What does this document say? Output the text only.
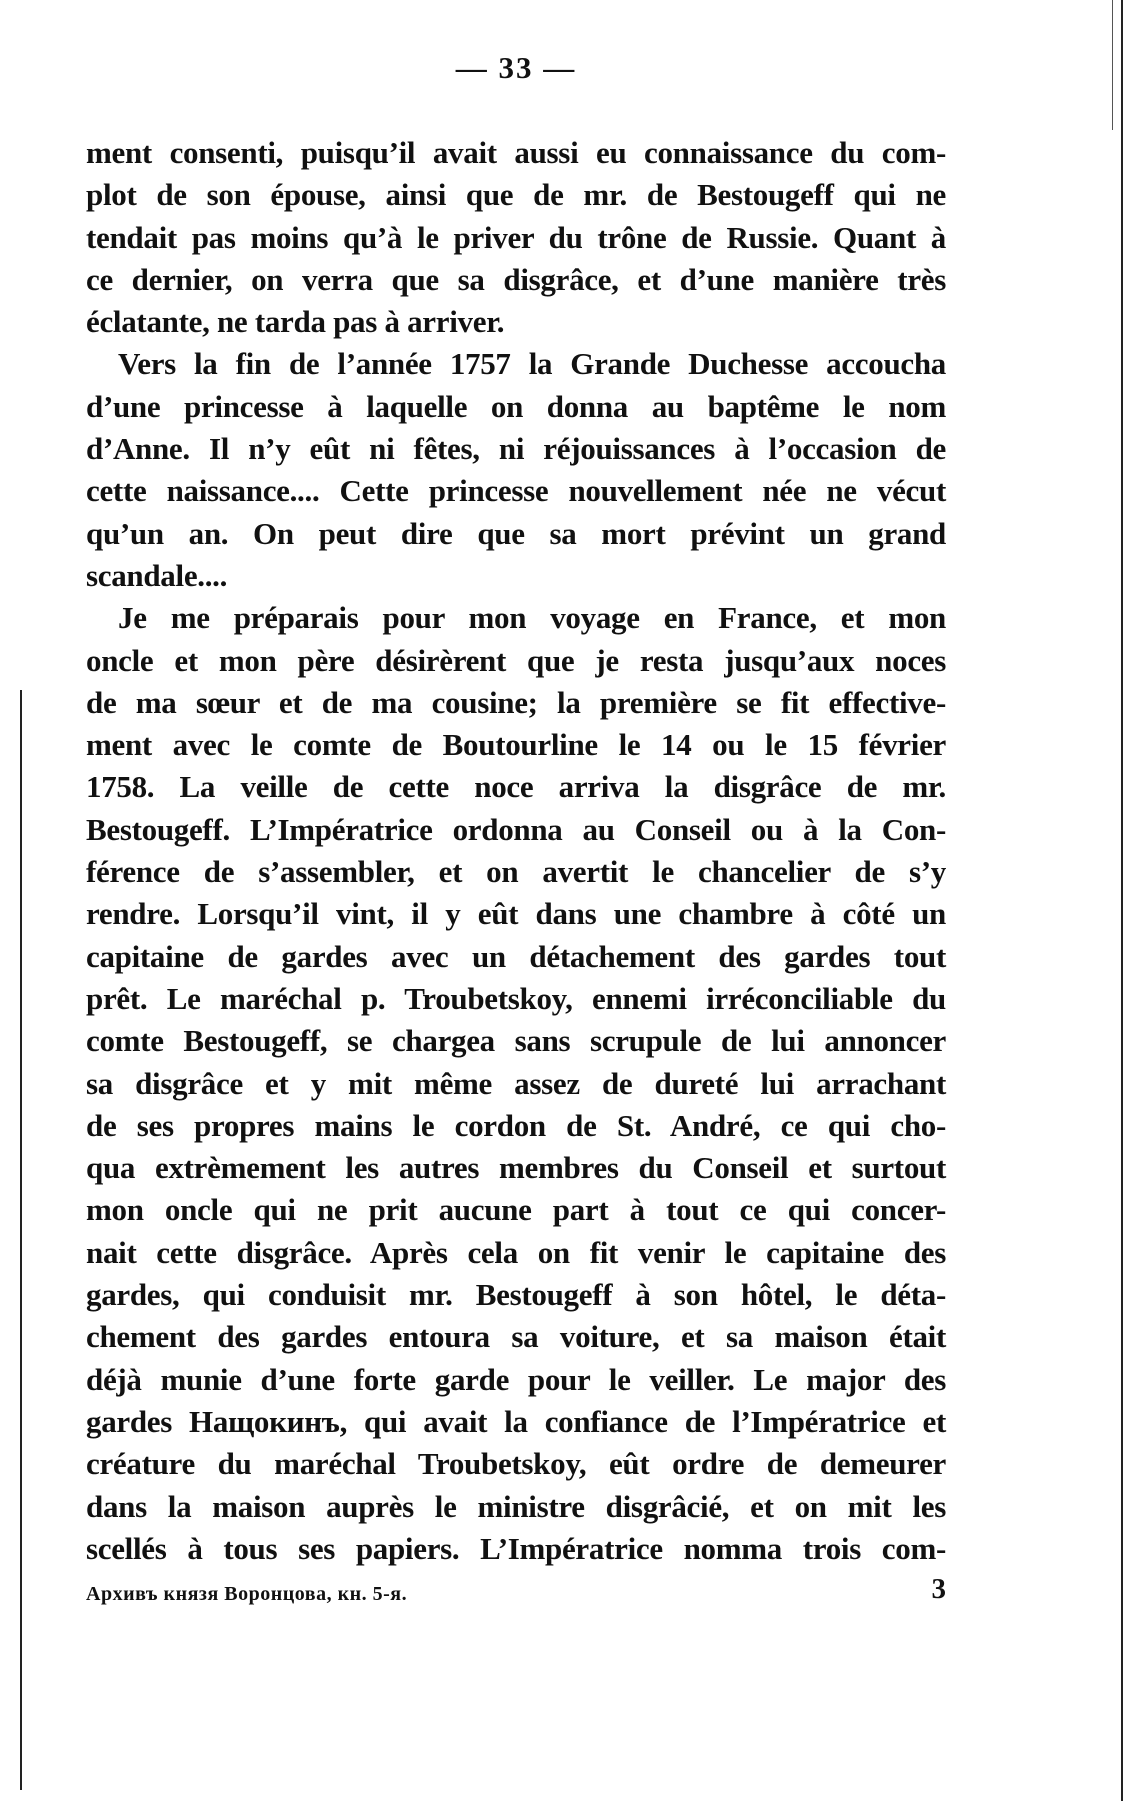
— 33 —
ment consenti, puisqu’il avait aussi eu connaissance du com-
plot de son épouse, ainsi que de mr. de Bestougeff qui ne
tendait pas moins qu’à le priver du trône de Russie. Quant à
ce dernier, on verra que sa disgrâce, et d’une manière très
éclatante, ne tarda pas à arriver.
Vers la fin de l’année 1757 la Grande Duchesse accoucha
d’une princesse à laquelle on donna au baptême le nom
d’Anne. Il n’y eût ni fêtes, ni réjouissances à l’occasion de
cette naissance.... Cette princesse nouvellement née ne vécut
qu’un an. On peut dire que sa mort prévint un grand
scandale....
Je me préparais pour mon voyage en France, et mon
oncle et mon père désirèrent que je resta jusqu’aux noces
de ma sœur et de ma cousine; la première se fit effective-
ment avec le comte de Boutourline le 14 ou le 15 février
1758. La veille de cette noce arriva la disgrâce de mr.
Bestougeff. L’Impératrice ordonna au Conseil ou à la Con-
férence de s’assembler, et on avertit le chancelier de s’y
rendre. Lorsqu’il vint, il y eût dans une chambre à côté un
capitaine de gardes avec un détachement des gardes tout
prêt. Le maréchal p. Troubetskoy, ennemi irréconciliable du
comte Bestougeff, se chargea sans scrupule de lui annoncer
sa disgrâce et y mit même assez de dureté lui arrachant
de ses propres mains le cordon de St. André, ce qui cho-
qua extrèmement les autres membres du Conseil et surtout
mon oncle qui ne prit aucune part à tout ce qui concer-
nait cette disgrâce. Après cela on fit venir le capitaine des
gardes, qui conduisit mr. Bestougeff à son hôtel, le déta-
chement des gardes entoura sa voiture, et sa maison était
déjà munie d’une forte garde pour le veiller. Le major des
gardes Нащокинъ, qui avait la confiance de l’Impératrice et
créature du maréchal Troubetskoy, eût ordre de demeurer
dans la maison auprès le ministre disgrâcié, et on mit les
scellés à tous ses papiers. L’Impératrice nomma trois com-
Архивъ князя Воронцова, кн. 5-я.	3
